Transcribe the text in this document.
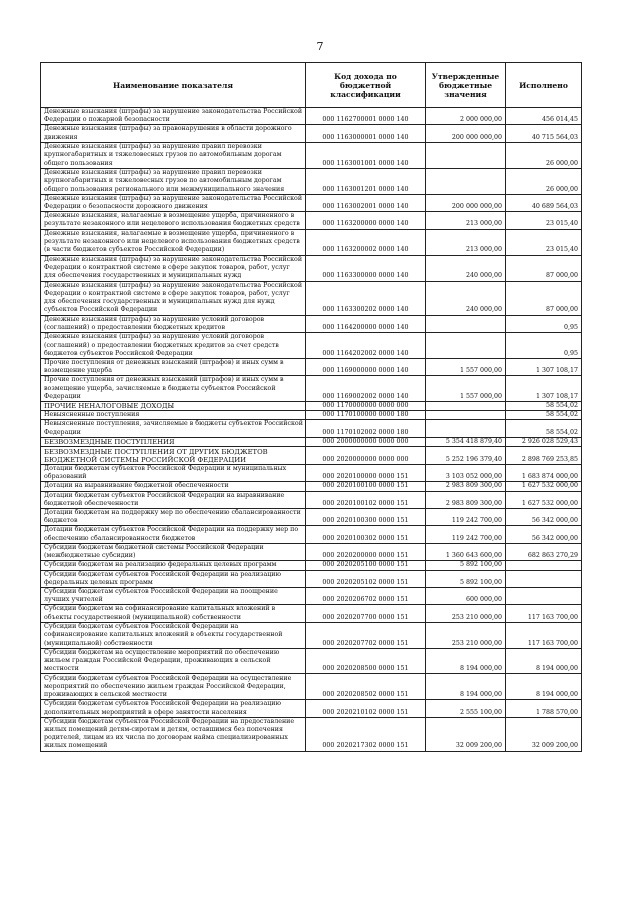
7
Наименование показателя	Код дохода по бюджетной классификации	Утвержденные бюджетные значения	Исполнено
Денежные взыскания (штрафы) за нарушение законодательства Российской Федерации о пожарной безопасности	000 1162700001 0000 140	2 000 000,00	456 014,45
Денежные взыскания (штрафы) за правонарушения в области дорожного движения	000 1163000001 0000 140	200 000 000,00	40 715 564,03
Денежные взыскания (штрафы) за нарушение правил перевозки крупногабаритных и тяжеловесных грузов по автомобильным дорогам общего пользования	000 1163001001 0000 140		26 000,00
Денежные взыскания (штрафы) за нарушение правил перевозки крупногабаритных и тяжеловесных грузов по автомобильным дорогам общего пользования регионального или межмуниципального значения	000 1163001201 0000 140		26 000,00
Денежные взыскания (штрафы) за нарушение законодательства Российской Федерации о безопасности дорожного движения	000 1163002001 0000 140	200 000 000,00	40 689 564,03
Денежные взыскания, налагаемые в возмещение ущерба, причиненного в результате незаконного или нецелевого использования бюджетных средств	000 1163200000 0000 140	213 000,00	23 015,40
Денежные взыскания, налагаемые в возмещение ущерба, причиненного в результате незаконного или нецелевого использования бюджетных средств (в части бюджетов субъектов Российской Федерации)	000 1163200002 0000 140	213 000,00	23 015,40
Денежные взыскания (штрафы) за нарушение законодательства Российской Федерации о контрактной системе в сфере закупок товаров, работ, услуг для обеспечения государственных и муниципальных нужд	000 1163300000 0000 140	240 000,00	87 000,00
Денежные взыскания (штрафы) за нарушение законодательства Российской Федерации о контрактной системе в сфере закупок товаров, работ, услуг для обеспечения государственных и муниципальных нужд для нужд субъектов Российской Федерации	000 1163300202 0000 140	240 000,00	87 000,00
Денежные взыскания (штрафы) за нарушение условий договоров (соглашений) о предоставлении бюджетных кредитов	000 1164200000 0000 140		0,95
Денежные взыскания (штрафы) за нарушение условий договоров (соглашений) о предоставлении бюджетных кредитов за счет средств бюджетов субъектов Российской Федерации	000 1164202002 0000 140		0,95
Прочие поступления от денежных взысканий (штрафов) и иных сумм в возмещение ущерба	000 1169000000 0000 140	1 557 000,00	1 307 108,17
Прочие поступления от денежных взысканий (штрафов) и иных сумм в возмещение ущерба, зачисляемые в бюджеты субъектов Российской Федерации	000 1169002002 0000 140	1 557 000,00	1 307 108,17
ПРОЧИЕ НЕНАЛОГОВЫЕ ДОХОДЫ	000 1170000000 0000 000		58 554,02
Невыясненные поступления	000 1170100000 0000 180		58 554,02
Невыясненные поступления, зачисляемые в бюджеты субъектов Российской Федерации	000 1170102002 0000 180		58 554,02
БЕЗВОЗМЕЗДНЫЕ ПОСТУПЛЕНИЯ	000 2000000000 0000 000	5 354 418 879,40	2 926 028 529,43
БЕЗВОЗМЕЗДНЫЕ ПОСТУПЛЕНИЯ ОТ ДРУГИХ БЮДЖЕТОВ БЮДЖЕТНОЙ СИСТЕМЫ РОССИЙСКОЙ ФЕДЕРАЦИИ	000 2020000000 0000 000	5 252 196 379,40	2 898 769 253,85
Дотации бюджетам субъектов Российской Федерации и муниципальных образований	000 2020100000 0000 151	3 103 052 000,00	1 683 874 000,00
Дотации на выравнивание бюджетной обеспеченности	000 2020100100 0000 151	2 983 809 300,00	1 627 532 000,00
Дотации бюджетам субъектов Российской Федерации на выравнивание бюджетной обеспеченности	000 2020100102 0000 151	2 983 809 300,00	1 627 532 000,00
Дотации бюджетам на поддержку мер по обеспечению сбалансированности бюджетов	000 2020100300 0000 151	119 242 700,00	56 342 000,00
Дотации бюджетам субъектов Российской Федерации на поддержку мер по обеспечению сбалансированности бюджетов	000 2020100302 0000 151	119 242 700,00	56 342 000,00
Субсидии бюджетам бюджетной системы Российской Федерации (межбюджетные субсидии)	000 2020200000 0000 151	1 360 643 600,00	682 863 270,29
Субсидии бюджетам на реализацию федеральных целевых программ	000 2020205100 0000 151	5 892 100,00	
Субсидии бюджетам субъектов Российской Федерации на реализацию федеральных целевых программ	000 2020205102 0000 151	5 892 100,00	
Субсидии бюджетам субъектов Российской Федерации на поощрение лучших учителей	000 2020206702 0000 151	600 000,00	
Субсидии бюджетам на софинансирование капитальных вложений в объекты государственной (муниципальной) собственности	000 2020207700 0000 151	253 210 000,00	117 163 700,00
Субсидии бюджетам субъектов Российской Федерации на софинансирование капитальных вложений в объекты государственной (муниципальной) собственности	000 2020207702 0000 151	253 210 000,00	117 163 700,00
Субсидии бюджетам на осуществление мероприятий по обеспечению жильем граждан Российской Федерации, проживающих в сельской местности	000 2020208500 0000 151	8 194 000,00	8 194 000,00
Субсидии бюджетам субъектов Российской Федерации на осуществление мероприятий по обеспечению жильем граждан Российской Федерации, проживающих в сельской местности	000 2020208502 0000 151	8 194 000,00	8 194 000,00
Субсидии бюджетам субъектов Российской Федерации на реализацию дополнительных мероприятий в сфере занятости населения	000 2020210102 0000 151	2 555 100,00	1 788 570,00
Субсидии бюджетам субъектов Российской Федерации на предоставление жилых помещений детям-сиротам и детям, оставшимся без попечения родителей, лицам из их числа по договорам найма специализированных жилых помещений	000 2020217302 0000 151	32 009 200,00	32 009 200,00
